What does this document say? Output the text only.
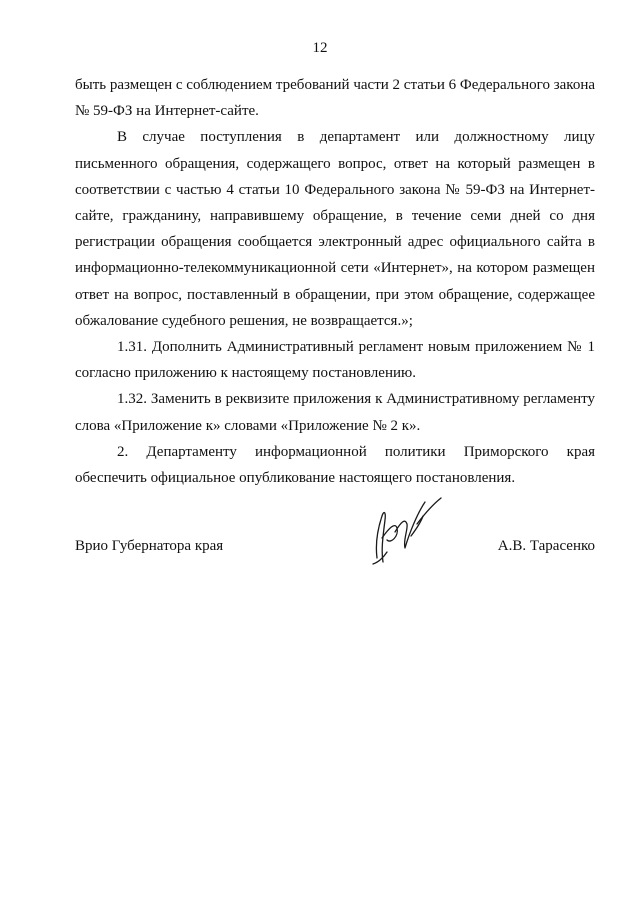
12

быть размещен с соблюдением требований части 2 статьи 6 Федерального закона № 59-ФЗ на Интернет-сайте.

В случае поступления в департамент или должностному лицу письменного обращения, содержащего вопрос, ответ на который размещен в соответствии с частью 4 статьи 10 Федерального закона № 59-ФЗ на Интернет-сайте, гражданину, направившему обращение, в течение семи дней со дня регистрации обращения сообщается электронный адрес официального сайта в информационно-телекоммуникационной сети «Интернет», на котором размещен ответ на вопрос, поставленный в обращении, при этом обращение, содержащее обжалование судебного решения, не возвращается.»;

1.31. Дополнить Административный регламент новым приложением № 1 согласно приложению к настоящему постановлению.

1.32. Заменить в реквизите приложения к Административному регламенту слова «Приложение к» словами «Приложение № 2 к».

2. Департаменту информационной политики Приморского края обеспечить официальное опубликование настоящего постановления.

Врио Губернатора края	А.В. Тарасенко
